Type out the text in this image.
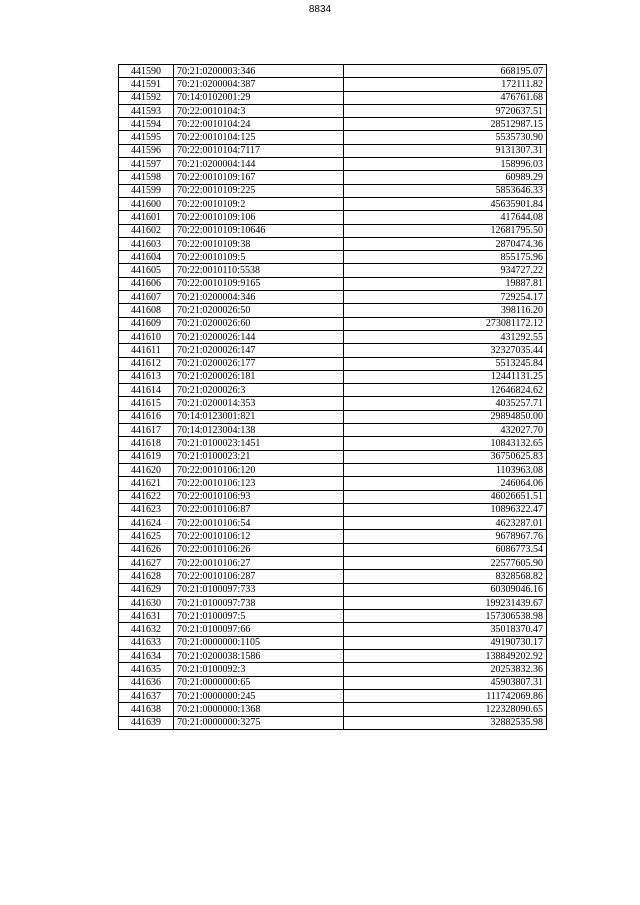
8834
441590	70:21:0200003:346	668195.07
441591	70:21:0200004:387	172111.82
441592	70:14:0102001:29	476761.68
441593	70:22:0010104:3	9720637.51
441594	70:22:0010104:24	28512987.15
441595	70:22:0010104:125	5535730.90
441596	70:22:0010104:7117	9131307.31
441597	70:21:0200004:144	158996.03
441598	70:22:0010109:167	60989.29
441599	70:22:0010109:225	5853646.33
441600	70:22:0010109:2	45635901.84
441601	70:22:0010109:106	417644.08
441602	70:22:0010109:10646	12681795.50
441603	70:22:0010109:38	2870474.36
441604	70:22:0010109:5	855175.96
441605	70:22:0010110:5538	934727.22
441606	70:22:0010109:9165	19887.81
441607	70:21:0200004:346	729254.17
441608	70:21:0200026:50	398116.20
441609	70:21:0200026:60	273081172.12
441610	70:21:0200026:144	431292.55
441611	70:21:0200026:147	32327035.44
441612	70:21:0200026:177	5513245.84
441613	70:21:0200026:181	12441131.25
441614	70:21:0200026:3	12646824.62
441615	70:21:0200014:353	4035257.71
441616	70:14:0123001:821	29894850.00
441617	70:14:0123004:138	432027.70
441618	70:21:0100023:1451	10843132.65
441619	70:21:0100023:21	36750625.83
441620	70:22:0010106:120	1103963.08
441621	70:22:0010106:123	246064.06
441622	70:22:0010106:93	46026651.51
441623	70:22:0010106:87	10896322.47
441624	70:22:0010106:54	4623287.01
441625	70:22:0010106:12	9678967.76
441626	70:22:0010106:26	6086773.54
441627	70:22:0010106:27	22577605.90
441628	70:22:0010106:287	8328568.82
441629	70:21:0100097:733	60309046.16
441630	70:21:0100097:738	199231439.67
441631	70:21:0100097:5	157306538.98
441632	70:21:0100097:66	35018370.47
441633	70:21:0000000:1105	49190730.17
441634	70:21:0200038:1586	138849202.92
441635	70:21:0100092:3	20253832.36
441636	70:21:0000000:65	45903807.31
441637	70:21:0000000:245	111742069.86
441638	70:21:0000000:1368	122328090.65
441639	70:21:0000000:3275	32882535.98
